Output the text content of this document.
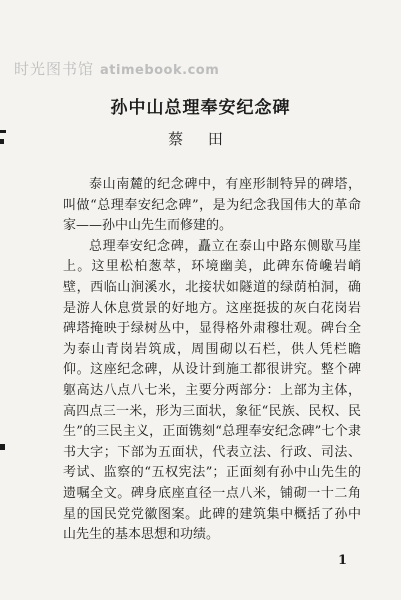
时光图书馆 atimebook.com
孙中山总理奉安纪念碑
蔡 田

泰山南麓的纪念碑中，有座形制特异的碑塔，叫做“总理奉安纪念碑”，是为纪念我国伟大的革命家——孙中山先生而修建的。

总理奉安纪念碑，矗立在泰山中路东侧歇马崖上。这里松柏葱萃，环境幽美，此碑东倚巉岩峭壁，西临山涧溪水，北接状如隧道的绿荫柏洞，确是游人休息赏景的好地方。这座挺拔的灰白花岗岩碑塔掩映于绿树丛中，显得格外肃穆壮观。碑台全为泰山青岗岩筑成，周围砌以石栏，供人凭栏瞻仰。这座纪念碑，从设计到施工都很讲究。整个碑躯高达八点八七米，主要分两部分：上部为主体，高四点三一米，形为三面状，象征“民族、民权、民生”的三民主义，正面镌刻“总理奉安纪念碑”七个隶书大字；下部为五面状，代表立法、行政、司法、考试、监察的“五权宪法”；正面刻有孙中山先生的遗嘱全文。碑身底座直径一点八米，铺砌一十二角星的国民党党徽图案。此碑的建筑集中概括了孙中山先生的基本思想和功绩。

1
